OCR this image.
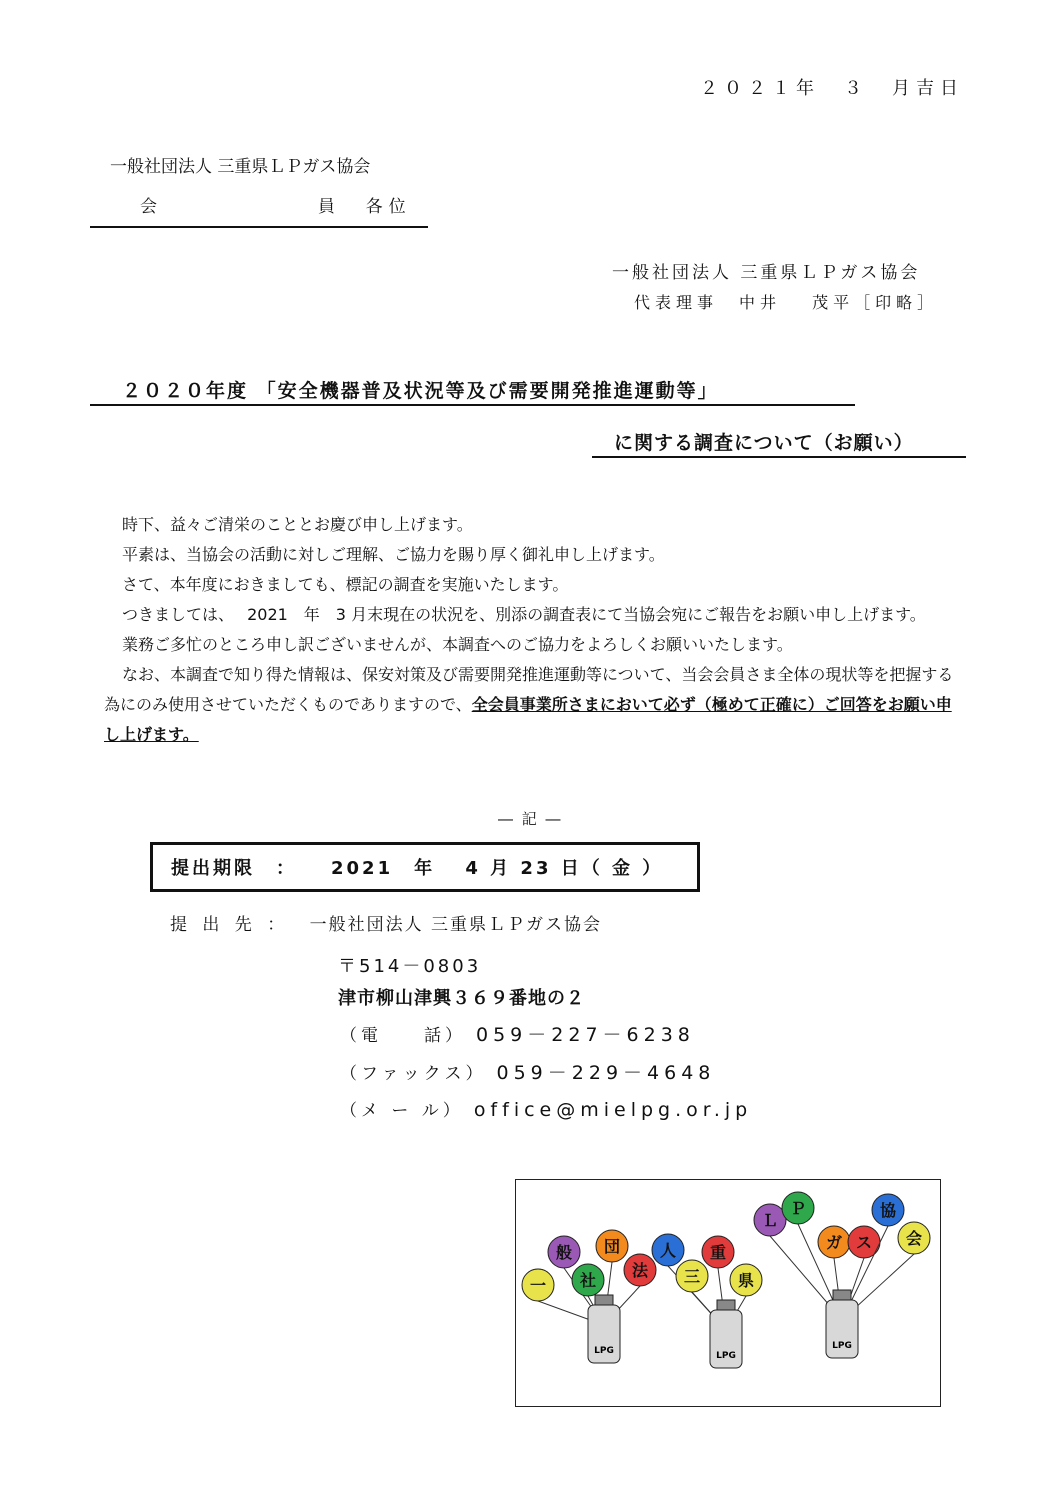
２０２１年　３　月吉日
一般社団法人 三重県ＬＰガス協会
会	員 各位
一般社団法人 三重県ＬＰガス協会
代表理事　中井　 茂平［印略］
２０２０年度 「安全機器普及状況等及び需要開発推進運動等」
に関する調査について（お願い）

時下、益々ご清栄のこととお慶び申し上げます。

平素は、当協会の活動に対しご理解、ご協力を賜り厚く御礼申し上げます。

さて、本年度におきましても、標記の調査を実施いたします。

つきましては、　 2021　年　3 月末現在の状況を、別添の調査表にて当協会宛にご報告をお願い申し上げます。

業務ご多忙のところ申し訳ございませんが、本調査へのご協力をよろしくお願いいたします。

なお、本調査で知り得た情報は、保安対策及び需要開発推進運動等について、当会会員さま全体の現状等を把握する為にのみ使用させていただくものでありますので、全会員事業所さまにおいて必ず（極めて正確に）ご回答をお願い申し上げます。

― 記 ―
提出期限　：	2021　年　 4 月 23 日（ 金 ）
提 出 先 ： 一般社団法人 三重県ＬＰガス協会
〒514－0803
津市柳山津興３６９番地の２
（電　　話） 059－227－6238
（ファックス） 059－229－4648
（メ ー ル） office@mielpg.or.jp
一
般
社
団
法
人
三
重
県
Ｌ
Ｐ
ガ ス
協
会
LPG	LPG
LPG
